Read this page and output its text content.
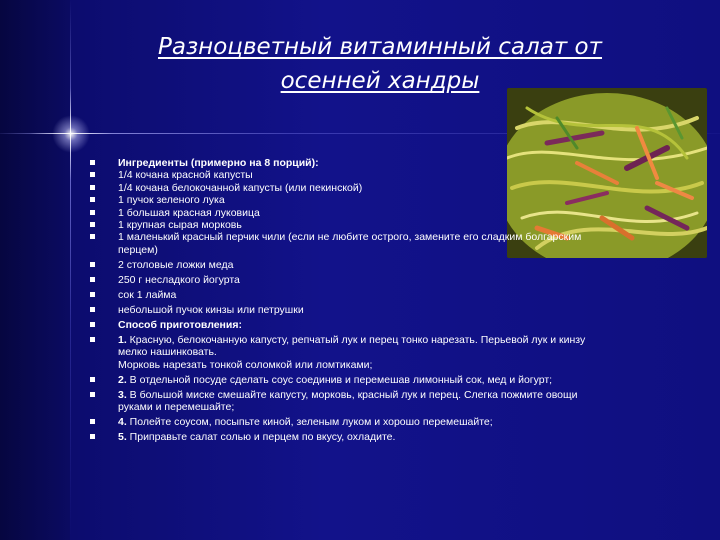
Разноцветный витаминный салат от
осенней хандры
Ингредиенты (примерно на 8 порций):
1/4 кочана красной капусты
1/4 кочана белокочанной капусты (или пекинской)
1 пучок зеленого лука
1 большая красная луковица
1 крупная сырая морковь
1 маленький красный перчик чили (если не любите острого, замените его сладким болгарским
перцем)
2 столовые ложки меда
250 г несладкого йогурта
сок 1 лайма
небольшой пучок кинзы или петрушки
Способ приготовления:
1. Красную, белокочанную капусту, репчатый лук и перец тонко нарезать. Перьевой лук и кинзу
мелко нашинковать.
Морковь нарезать тонкой соломкой или ломтиками;
2. В отдельной посуде сделать соус соединив и перемешав лимонный сок, мед и йогурт;
3. В большой миске смешайте капусту, морковь, красный лук и перец. Слегка пожмите овощи
руками и перемешайте;
4. Полейте соусом, посыпьте киной, зеленым луком и хорошо перемешайте;
5. Приправьте салат солью и перцем по вкусу, охладите.
